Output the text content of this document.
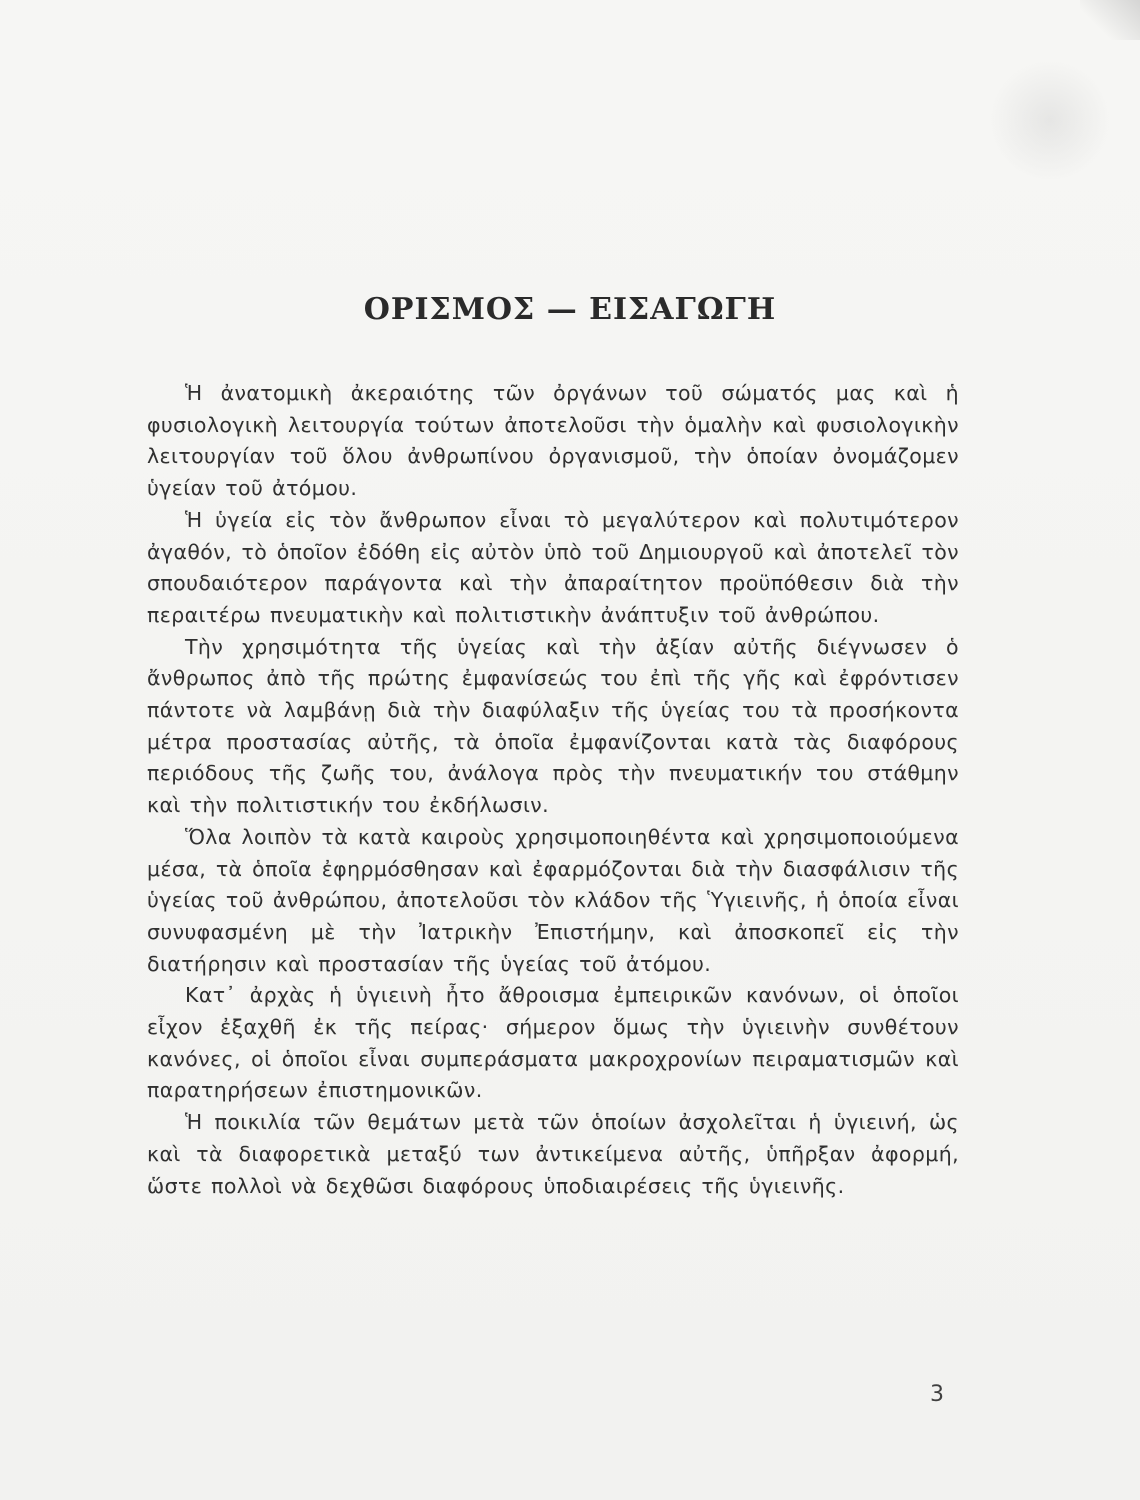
ΟΡΙΣΜΟΣ — ΕΙΣΑΓΩΓΗ

Ἡ ἀνατομικὴ ἀκεραιότης τῶν ὀργάνων τοῦ σώματός μας καὶ ἡ φυσιολογικὴ λειτουργία τούτων ἀποτελοῦσι τὴν ὁμαλὴν καὶ φυσιολογικὴν λειτουργίαν τοῦ ὅλου ἀνθρωπίνου ὀργανισμοῦ, τὴν ὁποίαν ὀνομάζομεν ὑγείαν τοῦ ἀτόμου.

Ἡ ὑγεία εἰς τὸν ἄνθρωπον εἶναι τὸ μεγαλύτερον καὶ πολυτιμότερον ἀγαθόν, τὸ ὁποῖον ἐδόθη εἰς αὐτὸν ὑπὸ τοῦ Δημιουργοῦ καὶ ἀποτελεῖ τὸν σπουδαιότερον παράγοντα καὶ τὴν ἀπαραίτητον προϋπόθεσιν διὰ τὴν περαιτέρω πνευματικὴν καὶ πολιτιστικὴν ἀνάπτυξιν τοῦ ἀνθρώπου.

Τὴν χρησιμότητα τῆς ὑγείας καὶ τὴν ἀξίαν αὐτῆς διέγνωσεν ὁ ἄνθρωπος ἀπὸ τῆς πρώτης ἐμφανίσεώς του ἐπὶ τῆς γῆς καὶ ἐφρόντισεν πάντοτε νὰ λαμβάνῃ διὰ τὴν διαφύλαξιν τῆς ὑγείας του τὰ προσήκοντα μέτρα προστασίας αὐτῆς, τὰ ὁποῖα ἐμφανίζονται κατὰ τὰς διαφόρους περιόδους τῆς ζωῆς του, ἀνάλογα πρὸς τὴν πνευματικήν του στάθμην καὶ τὴν πολιτιστικήν του ἐκδήλωσιν.

Ὅλα λοιπὸν τὰ κατὰ καιροὺς χρησιμοποιηθέντα καὶ χρησιμοποιούμενα μέσα, τὰ ὁποῖα ἐφηρμόσθησαν καὶ ἐφαρμόζονται διὰ τὴν διασφάλισιν τῆς ὑγείας τοῦ ἀνθρώπου, ἀποτελοῦσι τὸν κλάδον τῆς Ὑγιεινῆς, ἡ ὁποία εἶναι συνυφασμένη μὲ τὴν Ἰατρικὴν Ἐπιστήμην, καὶ ἀποσκοπεῖ εἰς τὴν διατήρησιν καὶ προστασίαν τῆς ὑγείας τοῦ ἀτόμου.

Κατ᾽ ἀρχὰς ἡ ὑγιεινὴ ἦτο ἄθροισμα ἐμπειρικῶν κανόνων, οἱ ὁποῖοι εἶχον ἐξαχθῆ ἐκ τῆς πείρας· σήμερον ὅμως τὴν ὑγιεινὴν συνθέτουν κανόνες, οἱ ὁποῖοι εἶναι συμπεράσματα μακροχρονίων πειραματισμῶν καὶ παρατηρήσεων ἐπιστημονικῶν.

Ἡ ποικιλία τῶν θεμάτων μετὰ τῶν ὁποίων ἀσχολεῖται ἡ ὑγιεινή, ὡς καὶ τὰ διαφορετικὰ μεταξύ των ἀντικείμενα αὐτῆς, ὑπῆρξαν ἀφορμή, ὥστε πολλοὶ νὰ δεχθῶσι διαφόρους ὑποδιαιρέσεις τῆς ὑγιεινῆς.

3
